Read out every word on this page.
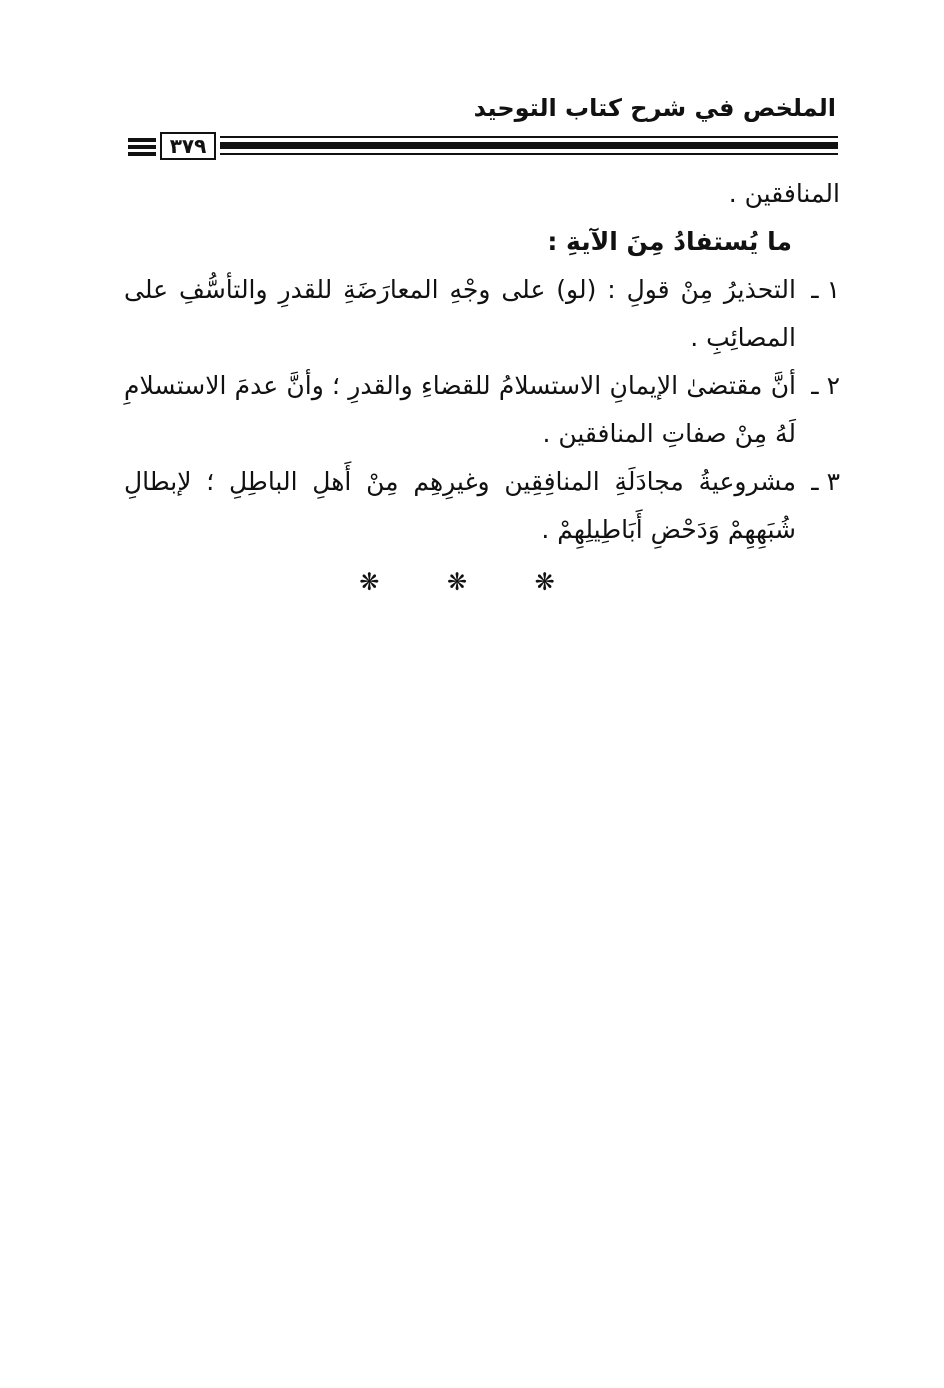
الملخص في شرح كتاب التوحيد
٣٧٩

المنافقين .

ما يُستفادُ مِنَ الآيةِ :

١ ـ
التحذيرُ مِنْ قولِ : (لو) على وجْهِ المعارَضَةِ للقدرِ والتأسُّفِ على المصائِبِ .
٢ ـ
أنَّ مقتضىٰ الإيمانِ الاستسلامُ للقضاءِ والقدرِ ؛ وأنَّ عدمَ الاستسلامِ لَهُ مِنْ صفاتِ المنافقين .
٣ ـ
مشروعيةُ مجادَلَةِ المنافِقِين وغيرِهِم مِنْ أَهلِ الباطِلِ ؛ لإبطالِ شُبَهِهِمْ وَدَحْضِ أَبَاطِيلِهِمْ .
❋ ❋ ❋
